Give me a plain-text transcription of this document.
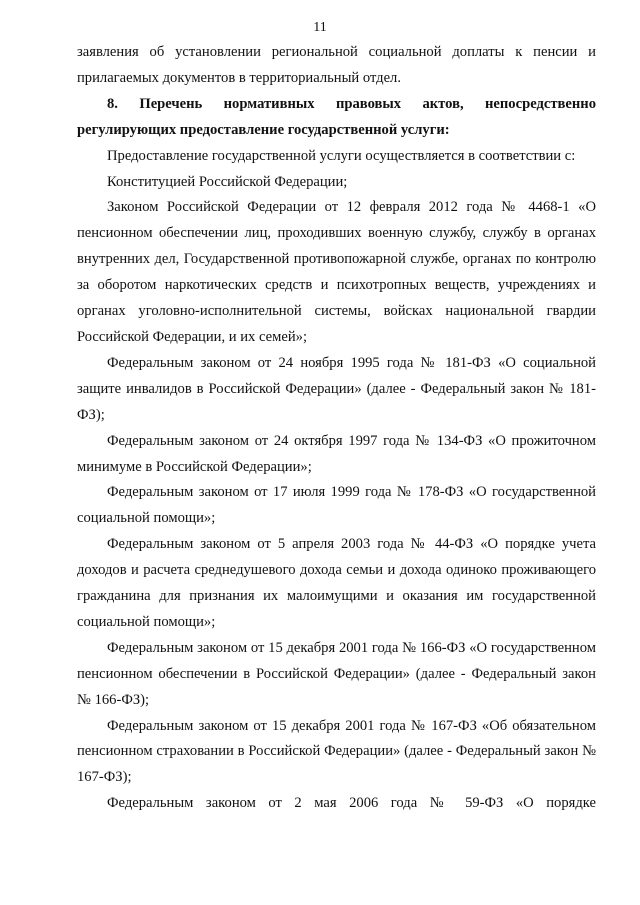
11

заявления об установлении региональной социальной доплаты к пенсии и прилагаемых документов в территориальный отдел.

8. Перечень нормативных правовых актов, непосредственно регулирующих предоставление государственной услуги:

Предоставление государственной услуги осуществляется в соответствии с:

Конституцией Российской Федерации;

Законом Российской Федерации от 12 февраля 2012 года № 4468-1 «О пенсионном обеспечении лиц, проходивших военную службу, службу в органах внутренних дел, Государственной противопожарной службе, органах по контролю за оборотом наркотических средств и психотропных веществ, учреждениях и органах уголовно-исполнительной системы, войсках национальной гвардии Российской Федерации, и их семей»;

Федеральным законом от 24 ноября 1995 года № 181-ФЗ «О социальной защите инвалидов в Российской Федерации» (далее - Федеральный закон № 181-ФЗ);

Федеральным законом от 24 октября 1997 года № 134-ФЗ «О прожиточном минимуме в Российской Федерации»;

Федеральным законом от 17 июля 1999 года № 178-ФЗ «О государственной социальной помощи»;

Федеральным законом от 5 апреля 2003 года № 44-ФЗ «О порядке учета доходов и расчета среднедушевого дохода семьи и дохода одиноко проживающего гражданина для признания их малоимущими и оказания им государственной социальной помощи»;

Федеральным законом от 15 декабря 2001 года № 166-ФЗ «О государственном пенсионном обеспечении в Российской Федерации» (далее - Федеральный закон № 166-ФЗ);

Федеральным законом от 15 декабря 2001 года № 167-ФЗ «Об обязательном пенсионном страховании в Российской Федерации» (далее - Федеральный закон № 167-ФЗ);

Федеральным законом от 2 мая 2006 года № 59-ФЗ «О порядке
